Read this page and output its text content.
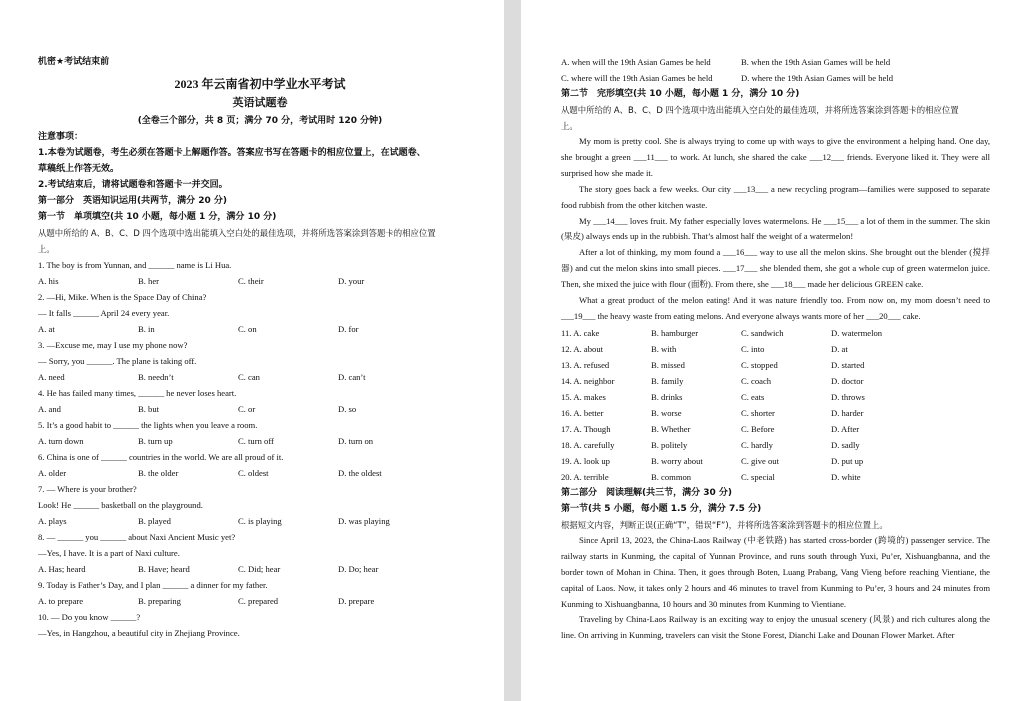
机密★考试结束前
2023 年云南省初中学业水平考试
英语试题卷
(全卷三个部分，共 8 页；满分 70 分，考试用时 120 分钟)
注意事项：
1.本卷为试题卷，考生必须在答题卡上解题作答。答案应书写在答题卡的相应位置上，在试题卷、
草稿纸上作答无效。
2.考试结束后，请将试题卷和答题卡一并交回。
第一部分　英语知识运用(共两节，满分 20 分)
第一节　单项填空(共 10 小题，每小题 1 分，满分 10 分)
从题中所给的 A、B、C、D 四个选项中选出能填入空白处的最佳选项，并将所选答案涂到答题卡的相应位置
上。
1. The boy is from Yunnan, and ______ name is Li Hua.
A. his	B. her	C. their	D. your
2. —Hi, Mike. When is the Space Day of China?
— It falls ______ April 24 every year.
A. at	B. in	C. on	D. for
3. —Excuse me, may I use my phone now?
— Sorry, you ______. The plane is taking off.
A. need	B. needn’t	C. can	D. can’t
4. He has failed many times, ______ he never loses heart.
A. and	B. but	C. or	D. so
5. It’s a good habit to ______ the lights when you leave a room.
A. turn down	B. turn up	C. turn off	D. turn on
6. China is one of ______ countries in the world. We are all proud of it.
A. older	B. the older	C. oldest	D. the oldest
7. — Where is your brother?
Look! He ______ basketball on the playground.
A. plays	B. played	C. is playing	D. was playing
8. — ______ you ______ about Naxi Ancient Music yet?
—Yes, I have. It is a part of Naxi culture.
A. Has; heard	B. Have; heard	C. Did; hear	D. Do; hear
9. Today is Father’s Day, and I plan ______ a dinner for my father.
A. to prepare	B. preparing	C. prepared	D. prepare
10. — Do you know ______?
—Yes, in Hangzhou, a beautiful city in Zhejiang Province.
A. when will the 19th Asian Games be held	B. when the 19th Asian Games will be held
C. where will the 19th Asian Games be held	D. where the 19th Asian Games will be held
第二节　完形填空(共 10 小题，每小题 1 分，满分 10 分)
从题中所给的 A、B、C、D 四个选项中选出能填入空白处的最佳选项，并将所选答案涂到答题卡的相应位置
上。
My mom is pretty cool. She is always trying to come up with ways to give the environment a helping hand. One day, she brought a green ___11___ to work. At lunch, she shared the cake ___12___ friends. Everyone liked it. They were all surprised how she made it.
The story goes back a few weeks. Our city ___13___ a new recycling program—families were supposed to separate food rubbish from the other kitchen waste.
My ___14___ loves fruit. My father especially loves watermelons. He ___15___ a lot of them in the summer. The skin (果皮) always ends up in the rubbish. That’s almost half the weight of a watermelon!
After a lot of thinking, my mom found a ___16___ way to use all the melon skins. She brought out the blender (搅拌器) and cut the melon skins into small pieces. ___17___ she blended them, she got a whole cup of green watermelon juice. Then, she mixed the juice with flour (面粉). From there, she ___18___ made her delicious GREEN cake.
What a great product of the melon eating! And it was nature friendly too. From now on, my mom doesn’t need to ___19___ the heavy waste from eating melons. And everyone always wants more of her ___20___ cake.
11. A. cake	B. hamburger	C. sandwich	D. watermelon
12. A. about	B. with	C. into	D. at
13. A. refused	B. missed	C. stopped	D. started
14. A. neighbor	B. family	C. coach	D. doctor
15. A. makes	B. drinks	C. eats	D. throws
16. A. better	B. worse	C. shorter	D. harder
17. A. Though	B. Whether	C. Before	D. After
18. A. carefully	B. politely	C. hardly	D. sadly
19. A. look up	B. worry about	C. give out	D. put up
20. A. terrible	B. common	C. special	D. white
第二部分　阅读理解(共三节，满分 30 分)
第一节(共 5 小题，每小题 1.5 分，满分 7.5 分)
根据短文内容，判断正误(正确“T”，错误“F”)，并将所选答案涂到答题卡的相应位置上。
Since April 13, 2023, the China-Laos Railway (中老铁路) has started cross-border (跨境的) passenger service. The railway starts in Kunming, the capital of Yunnan Province, and runs south through Yuxi, Pu’er, Xishuangbanna, and the border town of Mohan in China. Then, it goes through Boten, Luang Prabang, Vang Vieng before reaching Vientiane, the capital of Laos. Now, it takes only 2 hours and 46 minutes to travel from Kunming to Pu’er, 3 hours and 24 minutes from Kunming to Xishuangbanna, 10 hours and 30 minutes from Kunming to Vientiane.
Traveling by China-Laos Railway is an exciting way to enjoy the unusual scenery (风景) and rich cultures along the line. On arriving in Kunming, travelers can visit the Stone Forest, Dianchi Lake and Dounan Flower Market. After
